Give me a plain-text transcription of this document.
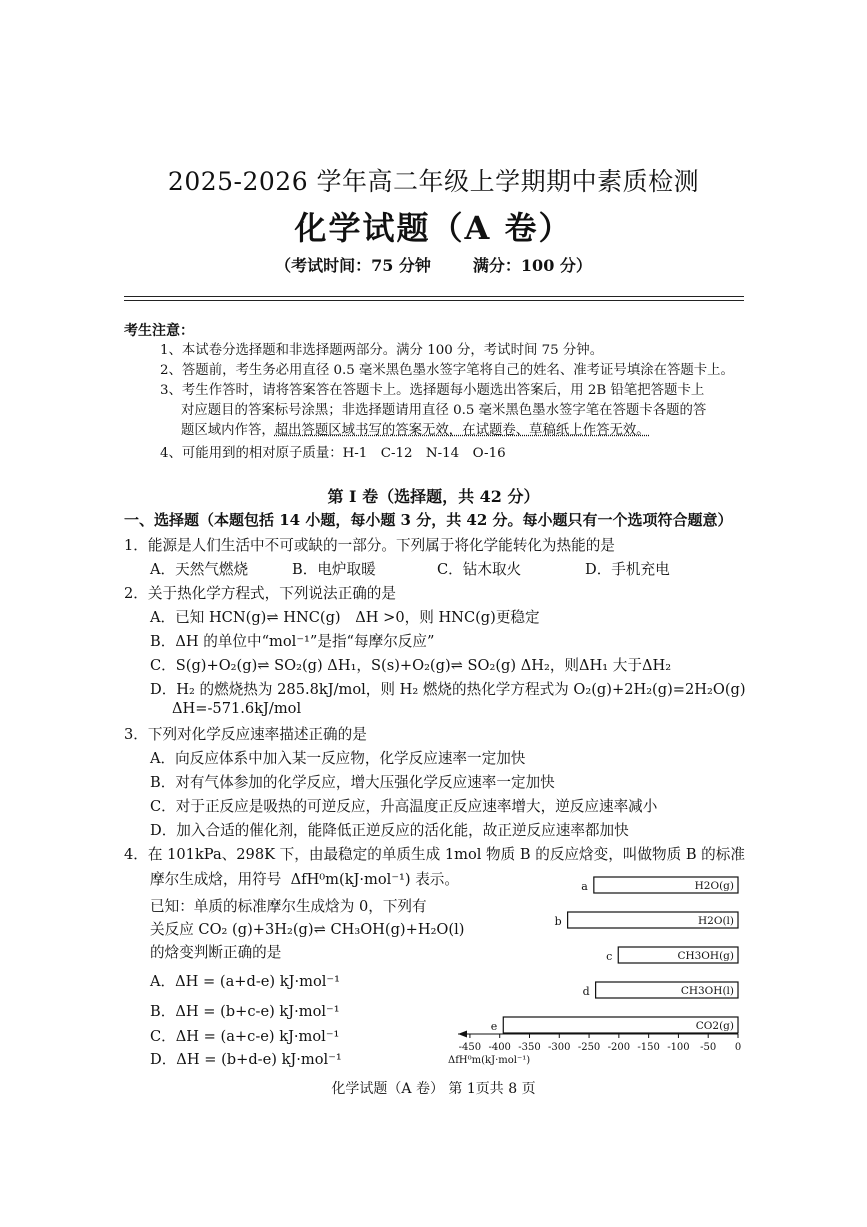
2025-2026 学年高二年级上学期期中素质检测
化学试题（A 卷）
（考试时间：75 分钟	满分：100 分）
考生注意：
1、本试卷分选择题和非选择题两部分。满分 100 分，考试时间 75 分钟。
2、答题前，考生务必用直径 0.5 毫米黑色墨水签字笔将自己的姓名、准考证号填涂在答题卡上。
3、考生作答时，请将答案答在答题卡上。选择题每小题选出答案后，用 2B 铅笔把答题卡上
对应题目的答案标号涂黑；非选择题请用直径 0.5 毫米黑色墨水签字笔在答题卡各题的答
题区域内作答，超出答题区域书写的答案无效，在试题卷、草稿纸上作答无效。
4、可能用到的相对原子质量：H-1　C-12　N-14　O-16
第 I 卷（选择题，共 42 分）
一、选择题（本题包括 14 小题，每小题 3 分，共 42 分。每小题只有一个选项符合题意）
1．能源是人们生活中不可或缺的一部分。下列属于将化学能转化为热能的是
A．天然气燃烧	B．电炉取暖	C．钻木取火	D．手机充电
2．关于热化学方程式，下列说法正确的是
A．已知 HCN(g)⇌ HNC(g)　ΔH >0，则 HNC(g)更稳定
B．ΔH 的单位中“mol⁻¹”是指“每摩尔反应”
C．S(g)+O₂(g)⇌ SO₂(g) ΔH₁，S(s)+O₂(g)⇌ SO₂(g) ΔH₂，则ΔH₁ 大于ΔH₂
D．H₂ 的燃烧热为 285.8kJ/mol，则 H₂ 燃烧的热化学方程式为 O₂(g)+2H₂(g)=2H₂O(g)
ΔH=-571.6kJ/mol
3．下列对化学反应速率描述正确的是
A．向反应体系中加入某一反应物，化学反应速率一定加快
B．对有气体参加的化学反应，增大压强化学反应速率一定加快
C．对于正反应是吸热的可逆反应，升高温度正反应速率增大，逆反应速率减小
D．加入合适的催化剂，能降低正逆反应的活化能，故正逆反应速率都加快
4．在 101kPa、298K 下，由最稳定的单质生成 1mol 物质 B 的反应焓变，叫做物质 B 的标准
摩尔生成焓，用符号 ΔfH⁰m(kJ·mol⁻¹) 表示。
已知：单质的标准摩尔生成焓为 0，下列有
关反应 CO₂ (g)+3H₂(g)⇌ CH₃OH(g)+H₂O(l)
的焓变判断正确的是
A．ΔH = (a+d-e) kJ·mol⁻¹
B．ΔH = (b+c-e) kJ·mol⁻¹
C．ΔH = (a+c-e) kJ·mol⁻¹
D．ΔH = (b+d-e) kJ·mol⁻¹
-450 -400 -350 -300 -250 -200 -150 -100 -50 0
ΔfH⁰m(kJ·mol⁻¹)
a	H2O(g)
b	H2O(l)
c	CH3OH(g)
d	CH3OH(l)
e	CO2(g)
化学试题（A 卷） 第 1页共 8 页
